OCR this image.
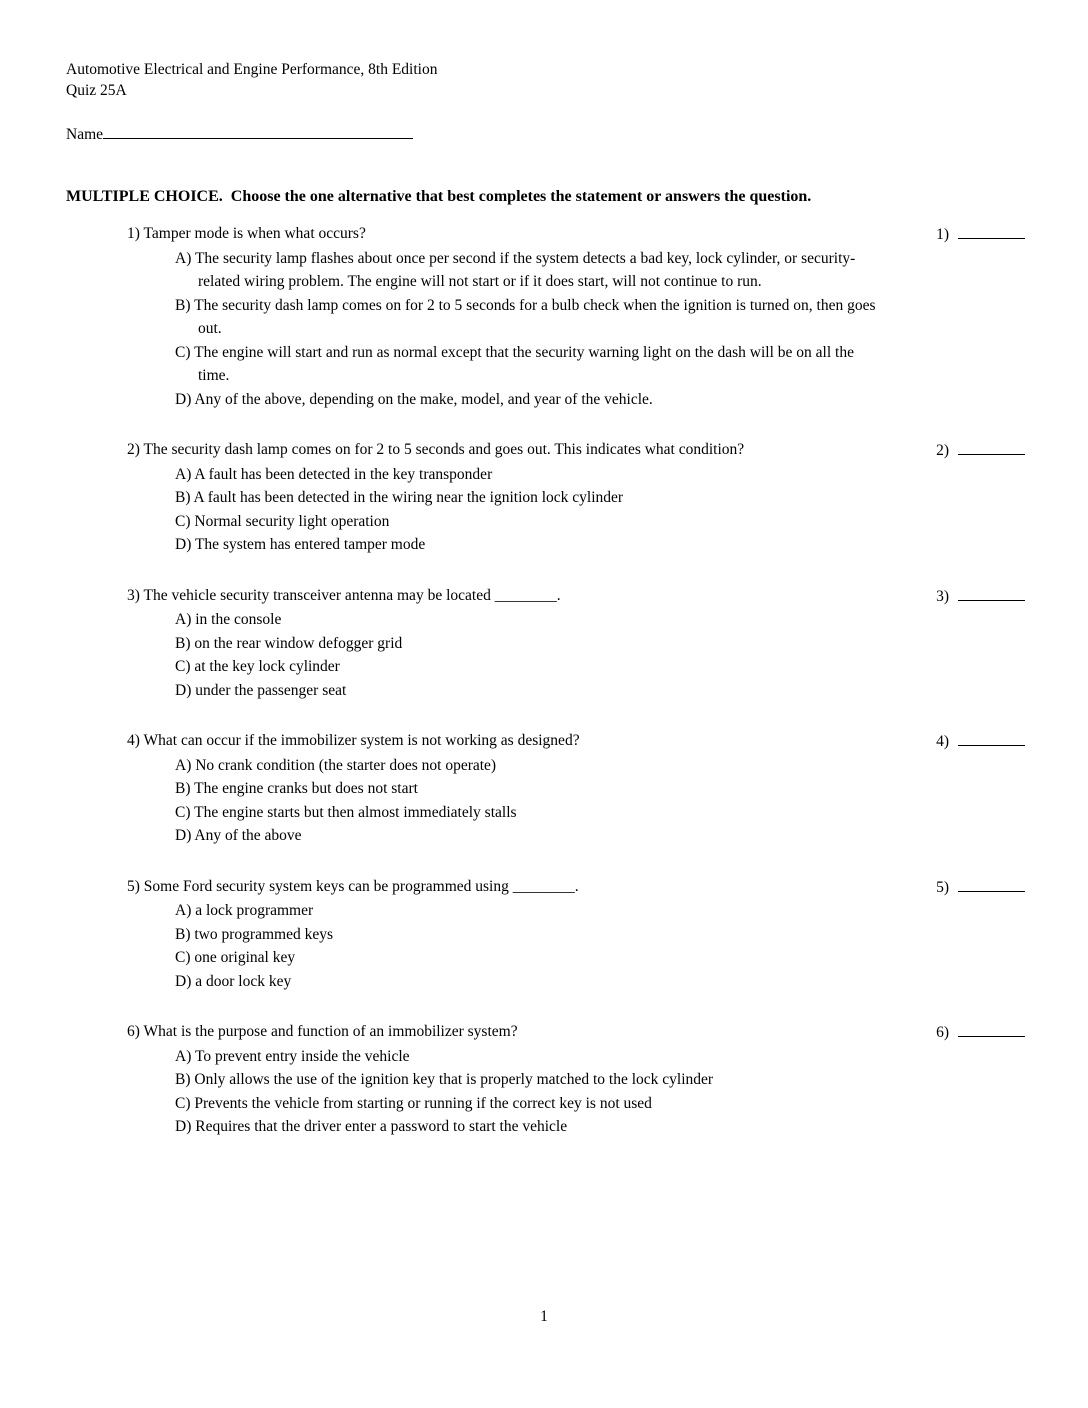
Automotive Electrical and Engine Performance, 8th Edition
Quiz 25A
Name
MULTIPLE CHOICE.  Choose the one alternative that best completes the statement or answers the question.
1) Tamper mode is when what occurs?	1)
A) The security lamp flashes about once per second if the system detects a bad key, lock cylinder, or security-related wiring problem. The engine will not start or if it does start, will not continue to run.
B) The security dash lamp comes on for 2 to 5 seconds for a bulb check when the ignition is turned on, then goes out.
C) The engine will start and run as normal except that the security warning light on the dash will be on all the time.
D) Any of the above, depending on the make, model, and year of the vehicle.
2) The security dash lamp comes on for 2 to 5 seconds and goes out. This indicates what condition?	2)
A) A fault has been detected in the key transponder
B) A fault has been detected in the wiring near the ignition lock cylinder
C) Normal security light operation
D) The system has entered tamper mode
3) The vehicle security transceiver antenna may be located ________.	3)
A) in the console
B) on the rear window defogger grid
C) at the key lock cylinder
D) under the passenger seat
4) What can occur if the immobilizer system is not working as designed?	4)
A) No crank condition (the starter does not operate)
B) The engine cranks but does not start
C) The engine starts but then almost immediately stalls
D) Any of the above
5) Some Ford security system keys can be programmed using ________.	5)
A) a lock programmer
B) two programmed keys
C) one original key
D) a door lock key
6) What is the purpose and function of an immobilizer system?	6)
A) To prevent entry inside the vehicle
B) Only allows the use of the ignition key that is properly matched to the lock cylinder
C) Prevents the vehicle from starting or running if the correct key is not used
D) Requires that the driver enter a password to start the vehicle
1
